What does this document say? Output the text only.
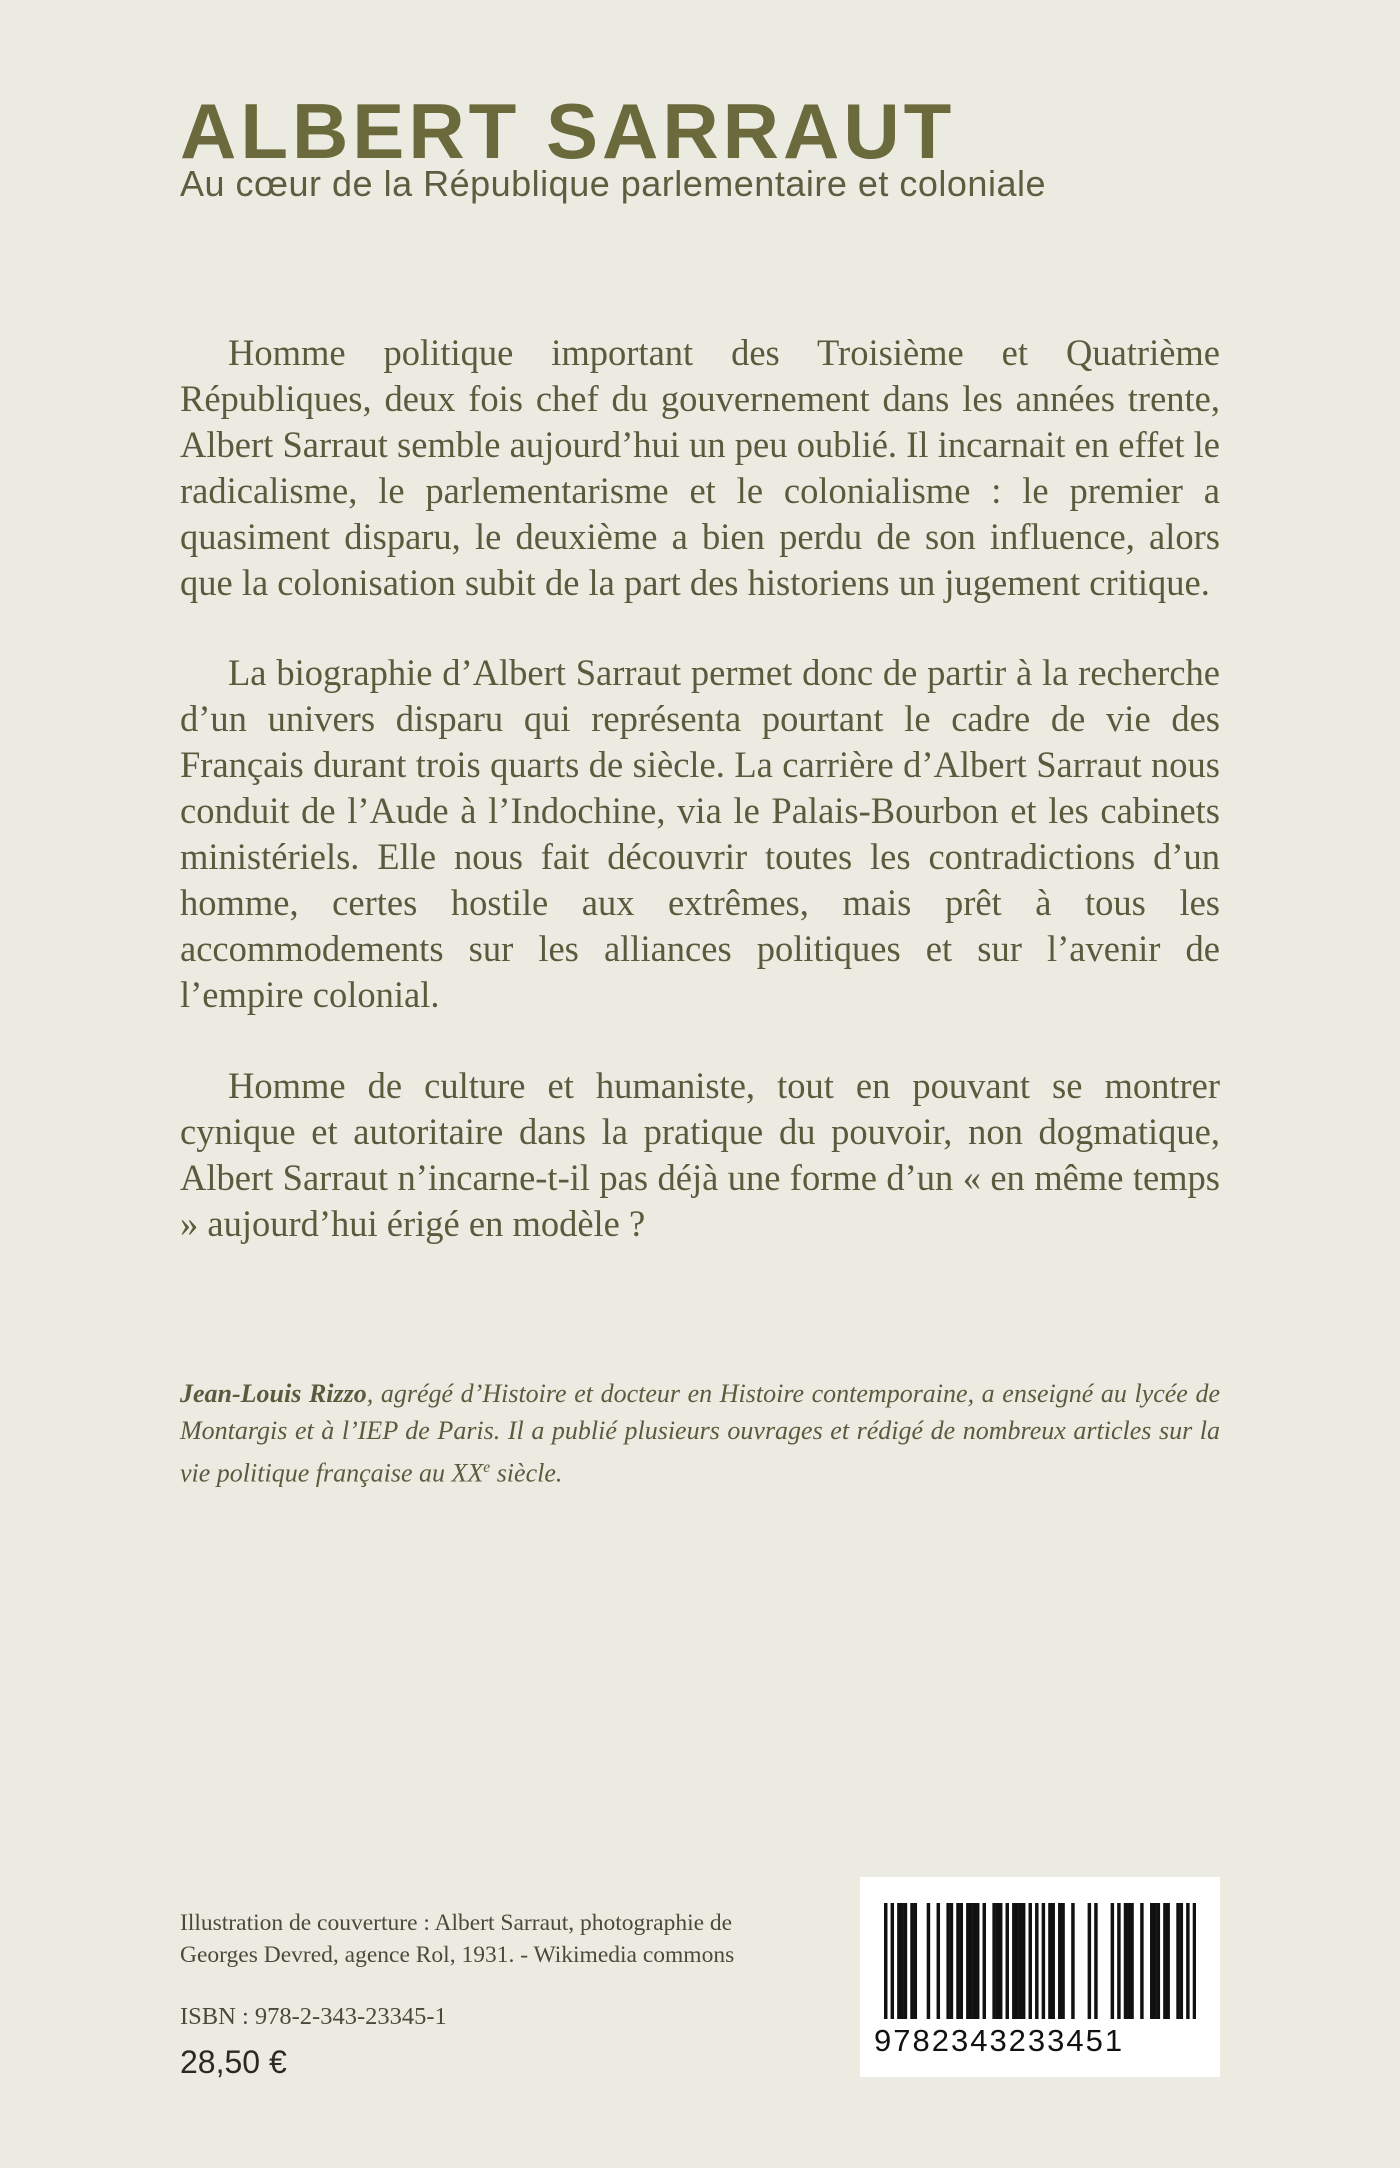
ALBERT SARRAUT

Au cœur de la République parlementaire et coloniale

Homme politique important des Troisième et Quatrième Républiques, deux fois chef du gouvernement dans les années trente, Albert Sarraut semble aujourd’hui un peu oublié. Il incarnait en effet le radicalisme, le parlementarisme et le colonialisme : le premier a quasiment disparu, le deuxième a bien perdu de son influence, alors que la colonisation subit de la part des historiens un jugement critique.

La biographie d’Albert Sarraut permet donc de partir à la recherche d’un univers disparu qui représenta pourtant le cadre de vie des Français durant trois quarts de siècle. La carrière d’Albert Sarraut nous conduit de l’Aude à l’Indochine, via le Palais-Bourbon et les cabinets ministériels. Elle nous fait découvrir toutes les contradictions d’un homme, certes hostile aux extrêmes, mais prêt à tous les accommodements sur les alliances politiques et sur l’avenir de l’empire colonial.

Homme de culture et humaniste, tout en pouvant se montrer cynique et autoritaire dans la pratique du pouvoir, non dogmatique, Albert Sarraut n’incarne-t-il pas déjà une forme d’un « en même temps » aujourd’hui érigé en modèle ?

Jean-Louis Rizzo, agrégé d’Histoire et docteur en Histoire contemporaine, a enseigné au lycée de Montargis et à l’IEP de Paris. Il a publié plusieurs ouvrages et rédigé de nombreux articles sur la vie politique française au XXe siècle.

Illustration de couverture : Albert Sarraut, photographie de Georges Devred, agence Rol, 1931. - Wikimedia commons

ISBN : 978-2-343-23345-1

28,50 €

9782343233451
